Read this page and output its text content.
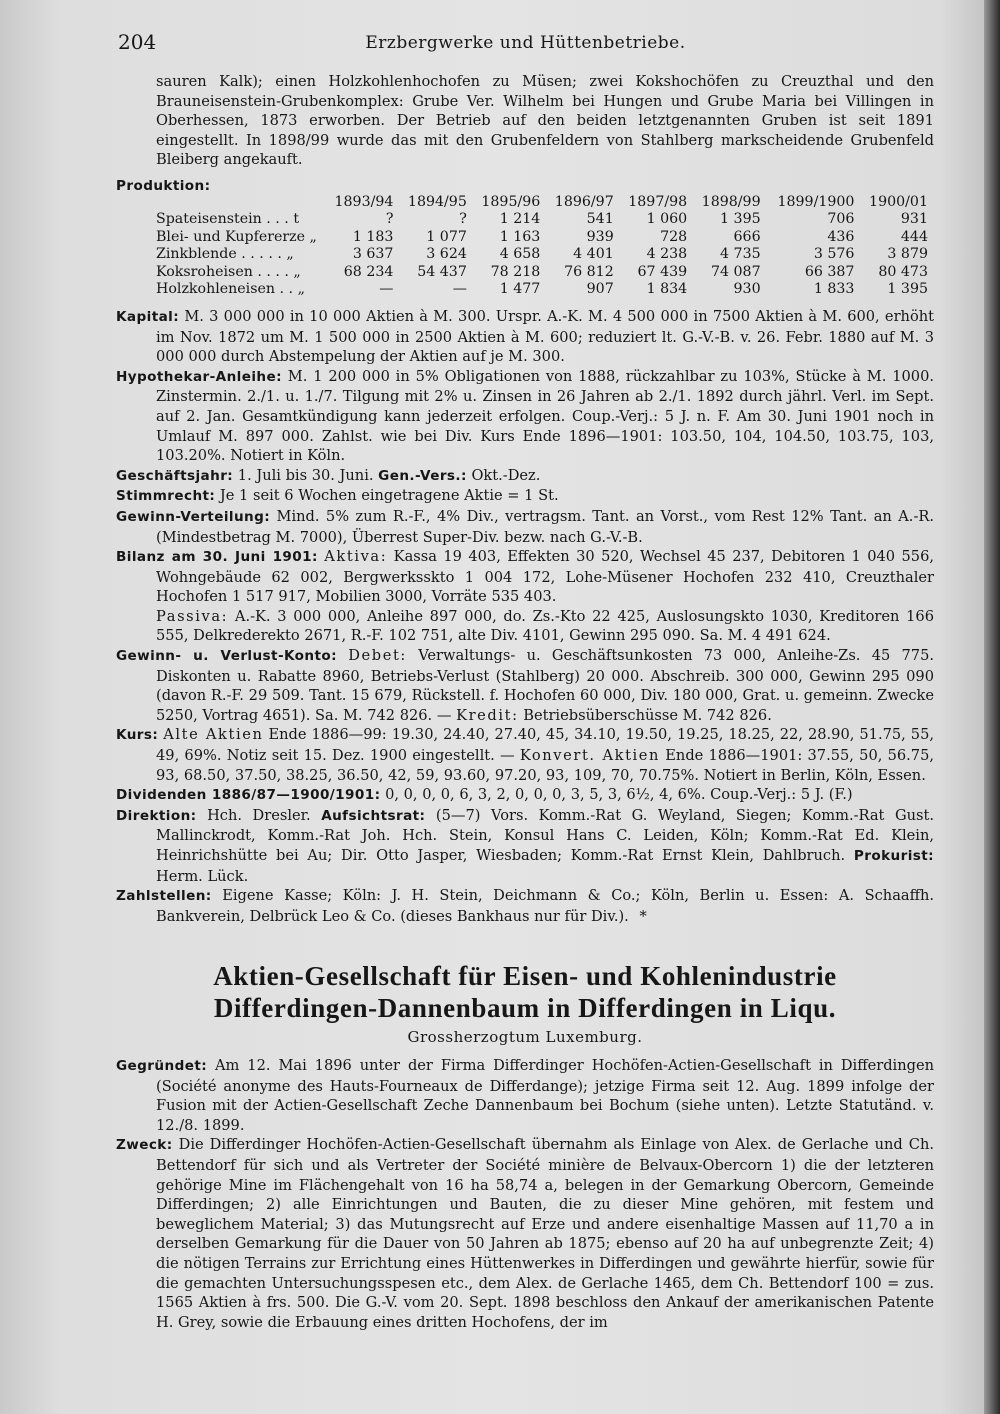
204	Erzbergwerke und Hüttenbetriebe.

sauren Kalk); einen Holzkohlenhochofen zu Müsen; zwei Kokshochöfen zu Creuzthal und den Brauneisenstein-Grubenkomplex: Grube Ver. Wilhelm bei Hungen und Grube Maria bei Villingen in Oberhessen, 1873 erworben. Der Betrieb auf den beiden letztgenannten Gruben ist seit 1891 eingestellt. In 1898/99 wurde das mit den Grubenfeldern von Stahlberg markscheidende Grubenfeld Bleiberg angekauft.

Produktion:
	1893/94	1894/95	1895/96	1896/97	1897/98	1898/99	1899/1900	1900/01
Spateisenstein . . . t	?	?	1 214	541	1 060	1 395	706	931
Blei- und Kupfererze „	1 183	1 077	1 163	939	728	666	436	444
Zinkblende . . . . . „	3 637	3 624	4 658	4 401	4 238	4 735	3 576	3 879
Koksroheisen . . . . „	68 234	54 437	78 218	76 812	67 439	74 087	66 387	80 473
Holzkohleneisen . . „	—	—	1 477	907	1 834	930	1 833	1 395

Kapital: M. 3 000 000 in 10 000 Aktien à M. 300. Urspr. A.-K. M. 4 500 000 in 7500 Aktien à M. 600, erhöht im Nov. 1872 um M. 1 500 000 in 2500 Aktien à M. 600; reduziert lt. G.-V.-B. v. 26. Febr. 1880 auf M. 3 000 000 durch Abstempelung der Aktien auf je M. 300.

Hypothekar-Anleihe: M. 1 200 000 in 5% Obligationen von 1888, rückzahlbar zu 103%, Stücke à M. 1000. Zinstermin. 2./1. u. 1./7. Tilgung mit 2% u. Zinsen in 26 Jahren ab 2./1. 1892 durch jährl. Verl. im Sept. auf 2. Jan. Gesamtkündigung kann jederzeit erfolgen. Coup.-Verj.: 5 J. n. F. Am 30. Juni 1901 noch in Umlauf M. 897 000. Zahlst. wie bei Div. Kurs Ende 1896—1901: 103.50, 104, 104.50, 103.75, 103, 103.20%. Notiert in Köln.

Geschäftsjahr: 1. Juli bis 30. Juni. Gen.-Vers.: Okt.-Dez.

Stimmrecht: Je 1 seit 6 Wochen eingetragene Aktie = 1 St.

Gewinn-Verteilung: Mind. 5% zum R.-F., 4% Div., vertragsm. Tant. an Vorst., vom Rest 12% Tant. an A.-R. (Mindestbetrag M. 7000), Überrest Super-Div. bezw. nach G.-V.-B.

Bilanz am 30. Juni 1901: Aktiva: Kassa 19 403, Effekten 30 520, Wechsel 45 237, Debitoren 1 040 556, Wohngebäude 62 002, Bergwerksskto 1 004 172, Lohe-Müsener Hochofen 232 410, Creuzthaler Hochofen 1 517 917, Mobilien 3000, Vorräte 535 403.

Passiva: A.-K. 3 000 000, Anleihe 897 000, do. Zs.-Kto 22 425, Auslosungskto 1030, Kreditoren 166 555, Delkrederekto 2671, R.-F. 102 751, alte Div. 4101, Gewinn 295 090. Sa. M. 4 491 624.

Gewinn- u. Verlust-Konto: Debet: Verwaltungs- u. Geschäftsunkosten 73 000, Anleihe-Zs. 45 775. Diskonten u. Rabatte 8960, Betriebs-Verlust (Stahlberg) 20 000. Abschreib. 300 000, Gewinn 295 090 (davon R.-F. 29 509. Tant. 15 679, Rückstell. f. Hochofen 60 000, Div. 180 000, Grat. u. gemeinn. Zwecke 5250, Vortrag 4651). Sa. M. 742 826. — Kredit: Betriebsüberschüsse M. 742 826.

Kurs: Alte Aktien Ende 1886—99: 19.30, 24.40, 27.40, 45, 34.10, 19.50, 19.25, 18.25, 22, 28.90, 51.75, 55, 49, 69%. Notiz seit 15. Dez. 1900 eingestellt. — Konvert. Aktien Ende 1886—1901: 37.55, 50, 56.75, 93, 68.50, 37.50, 38.25, 36.50, 42, 59, 93.60, 97.20, 93, 109, 70, 70.75%. Notiert in Berlin, Köln, Essen.

Dividenden 1886/87—1900/1901: 0, 0, 0, 0, 6, 3, 2, 0, 0, 0, 3, 5, 3, 6½, 4, 6%. Coup.-Verj.: 5 J. (F.)

Direktion: Hch. Dresler. Aufsichtsrat: (5—7) Vors. Komm.-Rat G. Weyland, Siegen; Komm.-Rat Gust. Mallinckrodt, Komm.-Rat Joh. Hch. Stein, Konsul Hans C. Leiden, Köln; Komm.-Rat Ed. Klein, Heinrichshütte bei Au; Dir. Otto Jasper, Wiesbaden; Komm.-Rat Ernst Klein, Dahlbruch. Prokurist: Herm. Lück.

Zahlstellen: Eigene Kasse; Köln: J. H. Stein, Deichmann & Co.; Köln, Berlin u. Essen: A. Schaaffh. Bankverein, Delbrück Leo & Co. (dieses Bankhaus nur für Div.). *

Aktien-Gesellschaft für Eisen- und Kohlenindustrie

Differdingen-Dannenbaum in Differdingen in Liqu.

Grossherzogtum Luxemburg.

Gegründet: Am 12. Mai 1896 unter der Firma Differdinger Hochöfen-Actien-Gesellschaft in Differdingen (Société anonyme des Hauts-Fourneaux de Differdange); jetzige Firma seit 12. Aug. 1899 infolge der Fusion mit der Actien-Gesellschaft Zeche Dannenbaum bei Bochum (siehe unten). Letzte Statutänd. v. 12./8. 1899.

Zweck: Die Differdinger Hochöfen-Actien-Gesellschaft übernahm als Einlage von Alex. de Gerlache und Ch. Bettendorf für sich und als Vertreter der Société minière de Belvaux-Obercorn 1) die der letzteren gehörige Mine im Flächengehalt von 16 ha 58,74 a, belegen in der Gemarkung Obercorn, Gemeinde Differdingen; 2) alle Einrichtungen und Bauten, die zu dieser Mine gehören, mit festem und beweglichem Material; 3) das Mutungsrecht auf Erze und andere eisenhaltige Massen auf 11,70 a in derselben Gemarkung für die Dauer von 50 Jahren ab 1875; ebenso auf 20 ha auf unbegrenzte Zeit; 4) die nötigen Terrains zur Errichtung eines Hüttenwerkes in Differdingen und gewährte hierfür, sowie für die gemachten Untersuchungsspesen etc., dem Alex. de Gerlache 1465, dem Ch. Bettendorf 100 = zus. 1565 Aktien à frs. 500. Die G.-V. vom 20. Sept. 1898 beschloss den Ankauf der amerikanischen Patente H. Grey, sowie die Erbauung eines dritten Hochofens, der im
